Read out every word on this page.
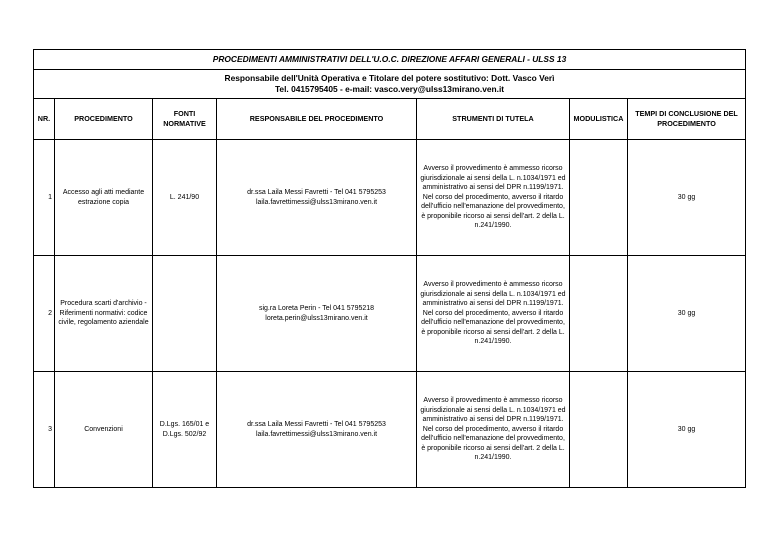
PROCEDIMENTI AMMINISTRATIVI DELL'U.O.C. DIREZIONE AFFARI GENERALI - ULSS 13						

Responsabile dell'Unità Operativa e Titolare del potere sostitutivo: Dott. Vasco Verì
Tel. 0415795405 - e-mail: vasco.very@ulss13mirano.ven.it						

NR.	PROCEDIMENTO	FONTI NORMATIVE	RESPONSABILE DEL PROCEDIMENTO	STRUMENTI DI TUTELA	MODULISTICA	TEMPI DI CONCLUSIONE DEL PROCEDIMENTO
1	Accesso agli atti mediante estrazione copia	L. 241/90	dr.ssa Laila Messi Favretti - Tel 041 5795253
laila.favrettimessi@ulss13mirano.ven.it	Avverso il provvedimento è ammesso ricorso giurisdizionale ai sensi della L. n.1034/1971 ed amministrativo ai sensi del DPR n.1199/1971.
Nel corso del procedimento, avverso il ritardo dell'ufficio nell'emanazione del provvedimento, è proponibile ricorso ai sensi dell'art. 2 della L. n.241/1990.		30 gg
2	Procedura scarti d'archivio - Riferimenti normativi: codice civile, regolamento aziendale		sig.ra Loreta Perin - Tel 041 5795218
loreta.perin@ulss13mirano.ven.it	Avverso il provvedimento è ammesso ricorso giurisdizionale ai sensi della L. n.1034/1971 ed amministrativo ai sensi del DPR n.1199/1971.
Nel corso del procedimento, avverso il ritardo dell'ufficio nell'emanazione del provvedimento, è proponibile ricorso ai sensi dell'art. 2 della L. n.241/1990.		30 gg
3	Convenzioni	D.Lgs. 165/01 e D.Lgs. 502/92	dr.ssa Laila Messi Favretti - Tel 041 5795253
laila.favrettimessi@ulss13mirano.ven.it	Avverso il provvedimento è ammesso ricorso giurisdizionale ai sensi della L. n.1034/1971 ed amministrativo ai sensi del DPR n.1199/1971.
Nel corso del procedimento, avverso il ritardo dell'ufficio nell'emanazione del provvedimento, è proponibile ricorso ai sensi dell'art. 2 della L. n.241/1990.		30 gg
